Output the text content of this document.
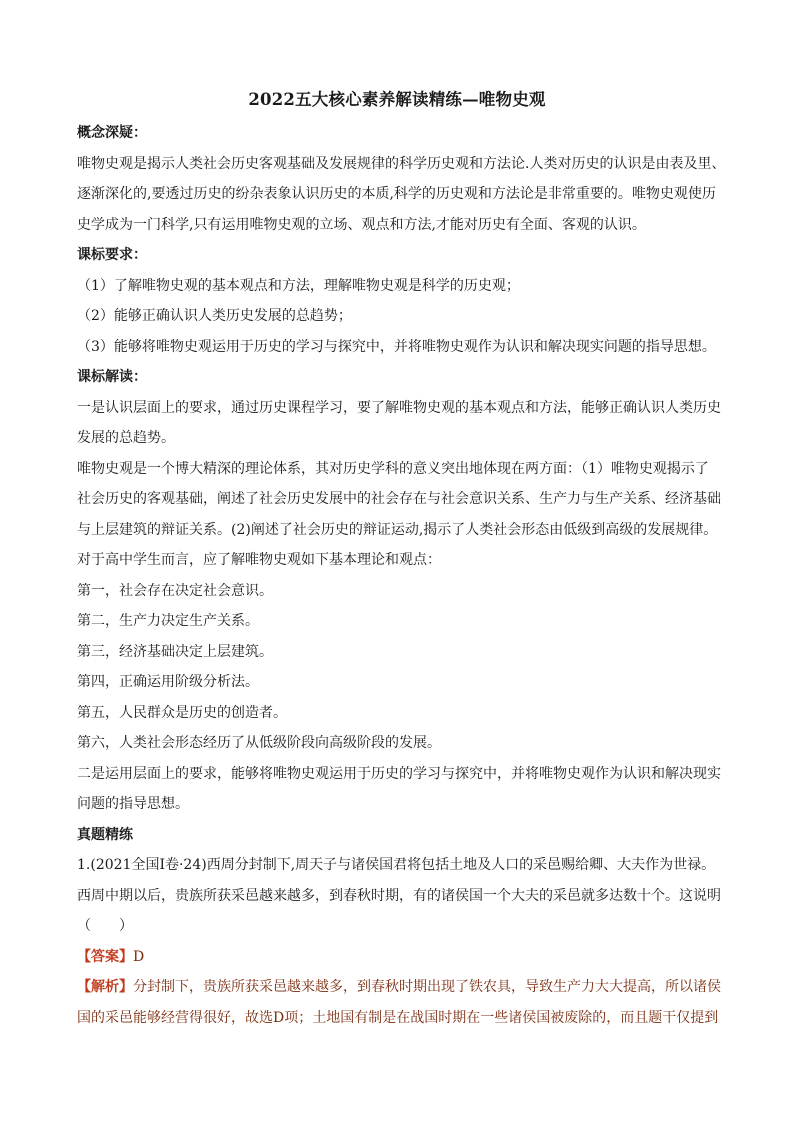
2022五大核心素养解读精练—唯物史观
概念深疑：
唯物史观是揭示人类社会历史客观基础及发展规律的科学历史观和方法论.人类对历史的认识是由表及里、
逐渐深化的,要透过历史的纷杂表象认识历史的本质,科学的历史观和方法论是非常重要的。唯物史观使历
史学成为一门科学,只有运用唯物史观的立场、观点和方法,才能对历史有全面、客观的认识。
课标要求：
（1）了解唯物史观的基本观点和方法，理解唯物史观是科学的历史观；
（2）能够正确认识人类历史发展的总趋势；
（3）能够将唯物史观运用于历史的学习与探究中，并将唯物史观作为认识和解决现实问题的指导思想。
课标解读：
一是认识层面上的要求，通过历史课程学习，要了解唯物史观的基本观点和方法，能够正确认识人类历史
发展的总趋势。
唯物史观是一个博大精深的理论体系，其对历史学科的意义突出地体现在两方面：（1）唯物史观揭示了
社会历史的客观基础，阐述了社会历史发展中的社会存在与社会意识关系、生产力与生产关系、经济基础
与上层建筑的辩证关系。(2)阐述了社会历史的辩证运动,揭示了人类社会形态由低级到高级的发展规律。
对于高中学生而言，应了解唯物史观如下基本理论和观点：
第一，社会存在决定社会意识。
第二，生产力决定生产关系。
第三，经济基础决定上层建筑。
第四，正确运用阶级分析法。
第五，人民群众是历史的创造者。
第六，人类社会形态经历了从低级阶段向高级阶段的发展。
二是运用层面上的要求，能够将唯物史观运用于历史的学习与探究中，并将唯物史观作为认识和解决现实
问题的指导思想。
真题精练
1.(2021全国Ⅰ卷·24)西周分封制下,周天子与诸侯国君将包括土地及人口的采邑赐给卿、大夫作为世禄。
西周中期以后，贵族所获采邑越来越多，到春秋时期，有的诸侯国一个大夫的采邑就多达数十个。这说明
（　　）
【答案】D
【解析】分封制下，贵族所获采邑越来越多，到春秋时期出现了铁农具，导致生产力大大提高，所以诸侯
国的采邑能够经营得很好，故选D项；土地国有制是在战国时期在一些诸侯国被废除的，而且题干仅提到
